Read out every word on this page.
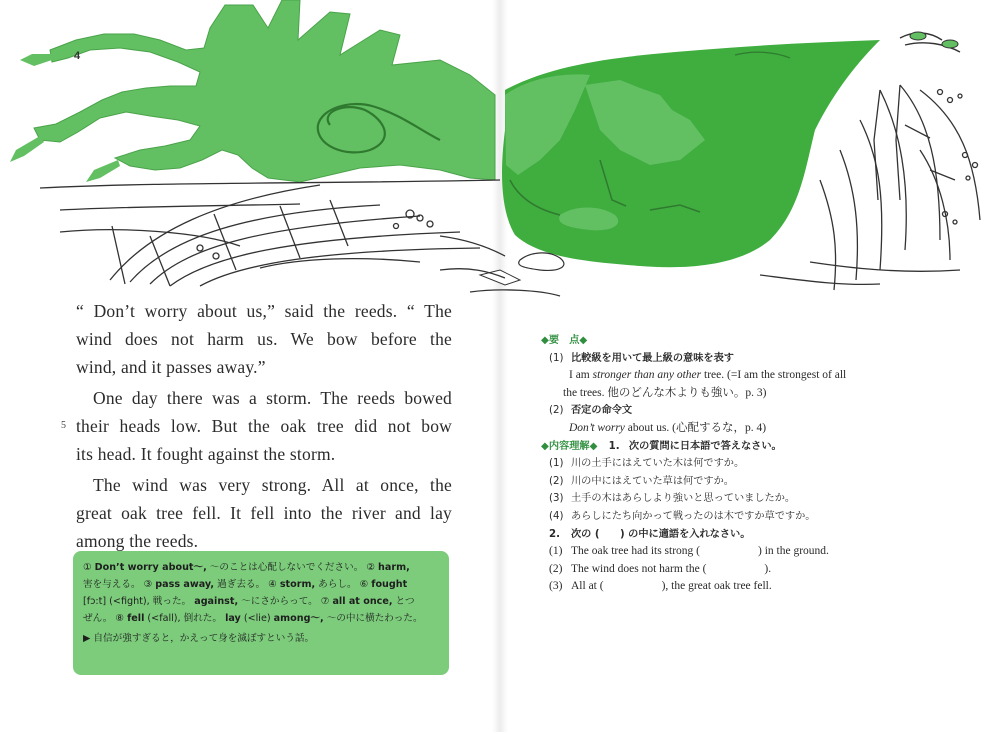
4
5
“ Don’t worry about us,” said the reeds. “ The
wind does not harm us. We bow before the
wind, and it passes away.”
One day there was a storm. The reeds bowed
their heads low. But the oak tree did not bow
its head. It fought against the storm.
The wind was very strong. All at once, the
great oak tree fell. It fell into the river and lay
among the reeds.
① Don’t worry about～, ～のことは心配しないでください。 ② harm,
害を与える。 ③ pass away, 過ぎ去る。 ④ storm, あらし。 ⑥ fought
[fɔ:t] (<fight), 戦った。 against, ～にさからって。 ⑦ all at once, とつ
ぜん。 ⑧ fell (<fall), 倒れた。 lay (<lie) among～, ～の中に横たわった。
▶ 自信が強すぎると，かえって身を滅ぼすという話。
◆要　点◆
(1) 比較級を用いて最上級の意味を表す
I am stronger than any other tree. (=I am the strongest of all
the trees. 他のどんな木よりも強い。p. 3)
(2) 否定の命令文
Don’t worry about us. (心配するな，p. 4)
◆内容理解◆ 1. 次の質問に日本語で答えなさい。
(1) 川の土手にはえていた木は何ですか。
(2) 川の中にはえていた草は何ですか。
(3) 土手の木はあらしより強いと思っていましたか。
(4) あらしにたち向かって戦ったのは木ですか草ですか。
2. 次の (　　) の中に適語を入れなさい。
(1) The oak tree had its strong (	) in the ground.
(2) The wind does not harm the (	).
(3) All at (	), the great oak tree fell.
